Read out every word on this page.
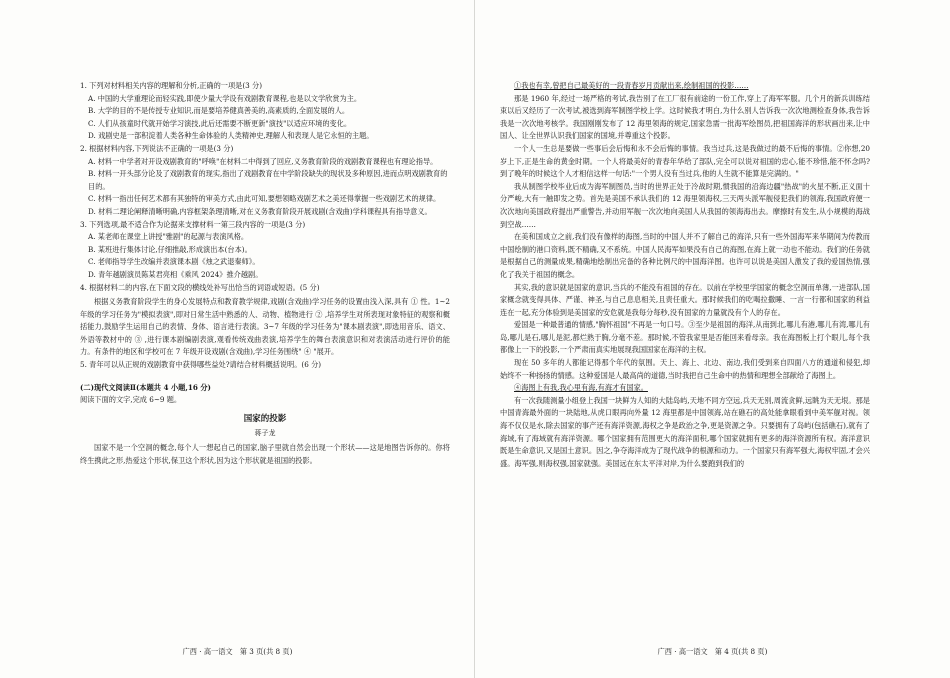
1. 下列对材料相关内容的理解和分析,正确的一项是(3 分)

A. 中国的大学重理论而轻实践,即使少量大学设有戏剧教育课程,也是以文学欣赏为主。

B. 大学的目的不是传授专业知识,而是要培养健真善美的,高素质的,全面发展的人。

C. 人们从孩童时代就开始学习演技,此后还需要不断更新"演技"以适应环境的变化。

D. 戏剧史是一部积淀着人类各种生命体验的人类精神史,理解人和表现人是它永恒的主题。

2. 根据材料内容,下列说法不正确的一项是(3 分)

A. 材料一中学者对开设戏剧教育的"呼唤"在材料二中得到了回应,义务教育阶段的戏剧教育课程也有理论指导。

B. 材料一开头部分论及了戏剧教育的现实,指出了戏剧教育在中学阶段缺失的现状及多种原因,进而点明戏剧教育的目的。

C. 材料一指出任何艺术都有其独特的审美方式,由此可知,要想领略戏剧艺术之美还得掌握一些戏剧艺术的规律。

D. 材料二理论阐释清晰明确,内容框架条理清晰,对在义务教育阶段开展戏剧(含戏曲)学科课程具有指导意义。

3. 下列选项,最不适合作为论据来支撑材料一第三段内容的一项是(3 分)

A. 某老师在课堂上讲授"雅剧"的起源与表演风格。

B. 某班进行集体讨论,仔细推敲,形成演出本(台本)。

C. 老师指导学生改编并表演课本剧《烛之武退秦师》。

D. 青年越剧演员陈某君亮相《乘风 2024》推介越剧。

4. 根据材料二的内容,在下面文段的横线处补写出恰当的词语或短语。(5 分)

根据义务教育阶段学生的身心发展特点和教育教学规律,戏剧(含戏曲)学习任务的设置由浅入深,具有 ① 性。1~2 年级的学习任务为"模拟表演",即对日常生活中熟悉的人、动物、植物进行 ② ,培养学生对所表现对象特征的观察和概括能力,鼓励学生运用自己的表情、身体、语言进行表演。3~7 年级的学习任务为"课本剧表演",即选用音乐、语文、外语等教材中的 ③ ,进行课本剧编剧表演,观看传统戏曲表演,培养学生的舞台表演意识和对表演活动进行评价的能力。有条件的地区和学校可在 7 年级开设戏剧(含戏曲),学习任务围绕" ④ "展开。

5. 青年可以从正规的戏剧教育中获得哪些益处?请结合材料概括说明。(6 分)

(二)现代文阅读Ⅱ(本题共 4 小题,16 分)

阅读下面的文字,完成 6~9 题。

国家的投影
蒋子龙

国家不是一个空洞的概念,每个人一想起自己的国家,脑子里就自然会出现一个形状——这是地图告诉你的。你将终生携此之形,热爱这个形状,保卫这个形状,因为这个形状就是祖国的投影。

广西 · 高一语文　第 3 页(共 8 页)	广西 · 高一语文　第 4 页(共 8 页)

①我也有幸,曾把自己最美好的一段青春岁月贡献出来,绘制祖国的投影……

那是 1960 年,经过一场严格的考试,我告别了在工厂很有前途的一份工作,穿上了海军军服。几个月的新兵训练结束以后又经历了一次考试,被选到海军制图学校上学。这时候我才明白,为什么别人告诉我一次次地测检查身体,我告诉我是一次次地考核学。我国刚刚发布了 12 海里领海的规定,国家急需一批海军绘图员,把祖国海洋的形状画出来,让中国人、让全世界认识我们国家的国境,并尊重这个投影。

一个人一生总是要做一些事后会后悔和永不会后悔的事情。我当过兵,这是我做过的最不后悔的事情。②你想,20 岁上下,正是生命的黄金时期。一个人将最美好的青春年华给了部队,完全可以说对祖国的忠心,能不珍惜,能不怀念吗?到了晚年的时候这个人才相信这样一句话:"一个男人没有当过兵,他的人生就不能算是完满的。"

我从制图学校毕业后成为海军制图员,当时的世界正处于冷战时期,惯我国的沿海边疆"热战"的火星不断,正义面十分严峻,大有一触即发之势。首先是美国不承认我们的 12 海里领海权,三天两头派军舰侵犯我们的领海,我国政府便一次次地向美国政府提出严重警告,并动用军舰一次次地向美国人从我国的领海海出去。摩擦时有发生,从小规模的海战到空战……

在美和国成立之前,我们没有像样的海图,当时的中国人并不了解自己的海洋,只有一些外国海军来华期间为传教而中国绘制的港口资料,既不精确,又不系统。中国人民海军如果没有自己的海图,在海上就一动也不能动。我们的任务就是根据自己的测量成果,精确地绘制出完备的各种比例尺的中国海洋图。也许可以说是美国人激发了我的爱国热情,强化了我关于祖国的概念。

其实,我的意识就是国家的意识,当兵的不能没有祖国的存在。以前在学校里学国家的概念空洞而单薄,一进部队,国家概念就变得具体、严谨、神圣,与自己息息相关,且责任重大。那时候我们的吃喝拉撒睡、一言一行都和国家的利益连在一起,充分体验到是美国家的安危就是我每分每秒,没有国家的力量就没有个人的存在。

爱国是一种最普通的情感,"胸怀祖国"不再是一句口号。③至少是祖国的海洋,从南到北,哪儿有港,哪儿有湾,哪儿有岛,哪儿是石,哪儿是泥,都烂熟于胸,分毫不差。那时候,不管我家里是否能回来看母亲。我在海图板上打个眼儿,每个我都像上一下的投影,一个严肃而真实地展现我国国家在海洋的主权。

现在 50 多年的人都能记得那个年代的氛围。天上、海上、北边、南边,我们受到来自四面八方的通道和侵犯,却始终不一种扬扬的情感。这种爱国是人最高尚的道德,当时我把自己生命中的热情和理想全部献给了海图上。

④海图上有我,我心里有海,有海才有国家。

有一次我随测量小组登上我国一块鲜为人知的大陆岛屿,天地不同方空远,兵天无别,周流贪鲜,远眺为天无垠。那是中国青海最外面的一块陆地,从虎口眼再向外量 12 海里都是中国领海,站在礁石的高处能拿眼看到中美军舰对视。领海不仅仅是水,除去国家的事产还有海洋资源,海权之争是政治之争,更是资源之争。只要拥有了岛屿(包括礁石),就有了海域,有了海域就有海洋资源。哪个国家拥有范围更大的海洋面积,哪个国家就拥有更多的海洋资源所有权。海洋意识既是生命意识,又是国土意识。因之,争夺海洋成为了现代战争的根源和动力。一个国家只有海军强大,海权牢固,才会兴盛。海军强,则海权强,国家就强。美国远在东太平洋对岸,为什么要跑到我们的
